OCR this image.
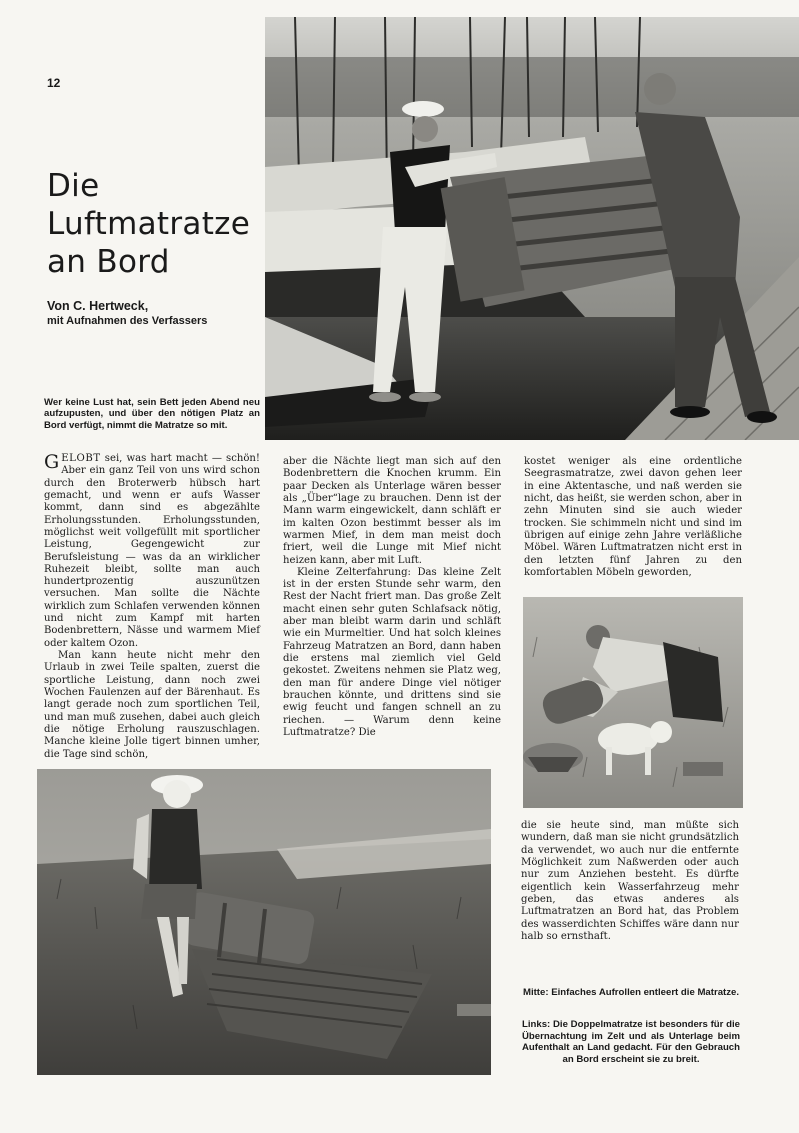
12
Die
Luftmatratze
an Bord
Von C. Hertweck,
mit Aufnahmen des Verfassers
Wer keine Lust hat, sein Bett jeden Abend neu aufzupusten, und über den nötigen Platz an Bord verfügt, nimmt die Matratze so mit.

GELOBT sei, was hart macht — schön! Aber ein ganz Teil von uns wird schon durch den Broterwerb hübsch hart gemacht, und wenn er aufs Wasser kommt, dann sind es abgezählte Erholungsstunden. Erholungsstunden, möglichst weit vollgefüllt mit sportlicher Leistung, Gegengewicht zur Berufsleistung — was da an wirklicher Ruhezeit bleibt, sollte man auch hundertprozentig auszunützen versuchen. Man sollte die Nächte wirklich zum Schlafen verwenden können und nicht zum Kampf mit harten Bodenbrettern, Nässe und warmem Mief oder kaltem Ozon.

Man kann heute nicht mehr den Urlaub in zwei Teile spalten, zuerst die sportliche Leistung, dann noch zwei Wochen Faulenzen auf der Bärenhaut. Es langt gerade noch zum sportlichen Teil, und man muß zusehen, dabei auch gleich die nötige Erholung rauszuschlagen. Manche kleine Jolle tigert binnen umher, die Tage sind schön,

aber die Nächte liegt man sich auf den Bodenbrettern die Knochen krumm. Ein paar Decken als Unterlage wären besser als „Über“lage zu brauchen. Denn ist der Mann warm eingewickelt, dann schläft er im kalten Ozon bestimmt besser als im warmen Mief, in dem man meist doch friert, weil die Lunge mit Mief nicht heizen kann, aber mit Luft.

Kleine Zelterfahrung: Das kleine Zelt ist in der ersten Stunde sehr warm, den Rest der Nacht friert man. Das große Zelt macht einen sehr guten Schlafsack nötig, aber man bleibt warm darin und schläft wie ein Murmeltier. Und hat solch kleines Fahrzeug Matratzen an Bord, dann haben die erstens mal ziemlich viel Geld gekostet. Zweitens nehmen sie Platz weg, den man für andere Dinge viel nötiger brauchen könnte, und drittens sind sie ewig feucht und fangen schnell an zu riechen. — Warum denn keine Luftmatratze? Die

kostet weniger als eine ordentliche Seegrasmatratze, zwei davon gehen leer in eine Aktentasche, und naß werden sie nicht, das heißt, sie werden schon, aber in zehn Minuten sind sie auch wieder trocken. Sie schimmeln nicht und sind im übrigen auf einige zehn Jahre verläßliche Möbel. Wären Luftmatratzen nicht erst in den letzten fünf Jahren zu den komfortablen Möbeln geworden,

die sie heute sind, man müßte sich wundern, daß man sie nicht grundsätzlich da verwendet, wo auch nur die entfernte Möglichkeit zum Naßwerden oder auch nur zum Anziehen besteht. Es dürfte eigentlich kein Wasserfahrzeug mehr geben, das etwas anderes als Luftmatratzen an Bord hat, das Problem des wasserdichten Schiffes wäre dann nur halb so ernsthaft.

Mitte: Einfaches Aufrollen entleert die Matratze.
Links: Die Doppelmatratze ist besonders für die Übernachtung im Zelt und als Unterlage beim Aufenthalt an Land gedacht. Für den Gebrauch an Bord erscheint sie zu breit.
